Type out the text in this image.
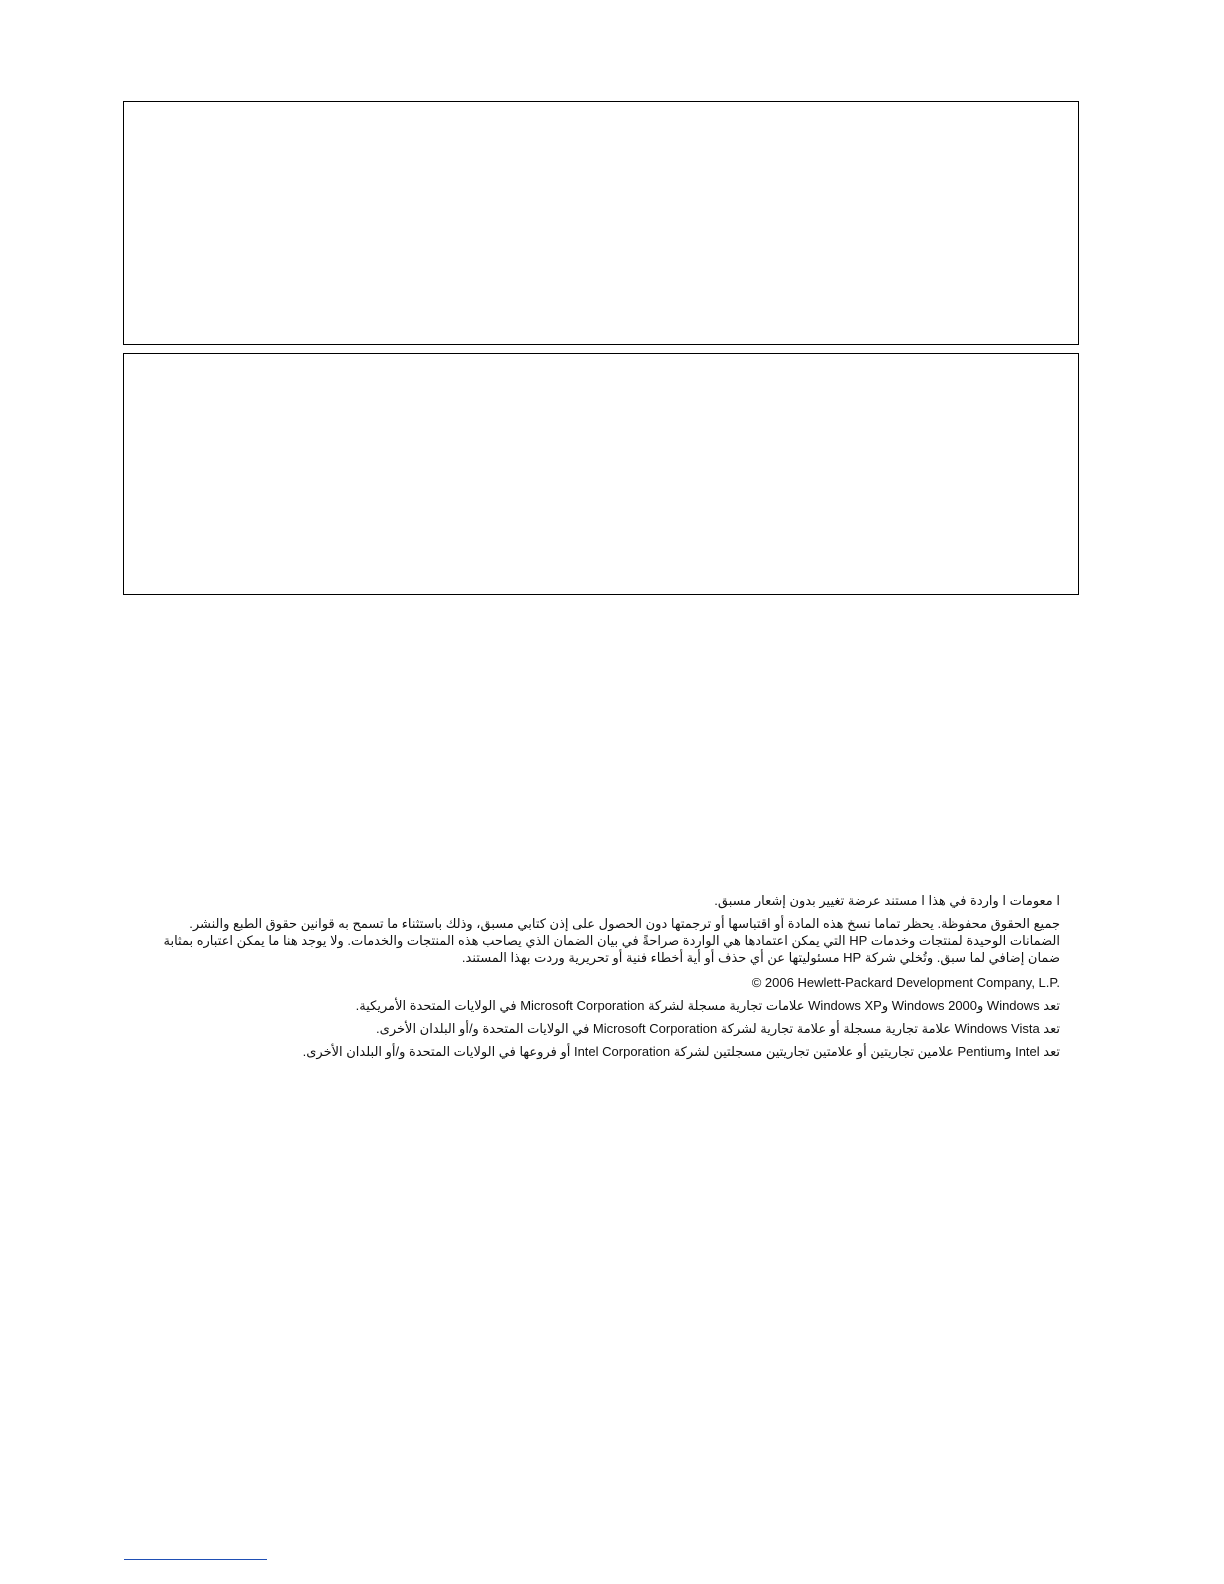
ا معومات ا واردة في هذا ا مستند عرضة تغيير بدون إشعار مسبق.

جميع الحقوق محفوظة. يحظر تماما نسخ هذه المادة أو اقتباسها أو ترجمتها دون الحصول على إذن كتابي مسبق، وذلك باستثناء ما تسمح به قوانين حقوق الطبع والنشر. الضمانات الوحيدة لمنتجات وخدمات HP التي يمكن اعتمادها هي الواردة صراحةً في بيان الضمان الذي يصاحب هذه المنتجات والخدمات. ولا يوجد هنا ما يمكن اعتباره بمثابة ضمان إضافي لما سبق. وتُخلي شركة HP مسئوليتها عن أي حذف أو أية أخطاء فنية أو تحريرية وردت بهذا المستند.

© 2006 Hewlett-Packard Development Company, L.P.

تعد Windows وWindows 2000 وWindows XP علامات تجارية مسجلة لشركة Microsoft Corporation في الولايات المتحدة الأمريكية.

تعد Windows Vista علامة تجارية مسجلة أو علامة تجارية لشركة Microsoft Corporation في الولايات المتحدة و/أو البلدان الأخرى.

تعد Intel وPentium علامين تجاريتين أو علامتين تجاريتين مسجلتين لشركة Intel Corporation أو فروعها في الولايات المتحدة و/أو البلدان الأخرى.
